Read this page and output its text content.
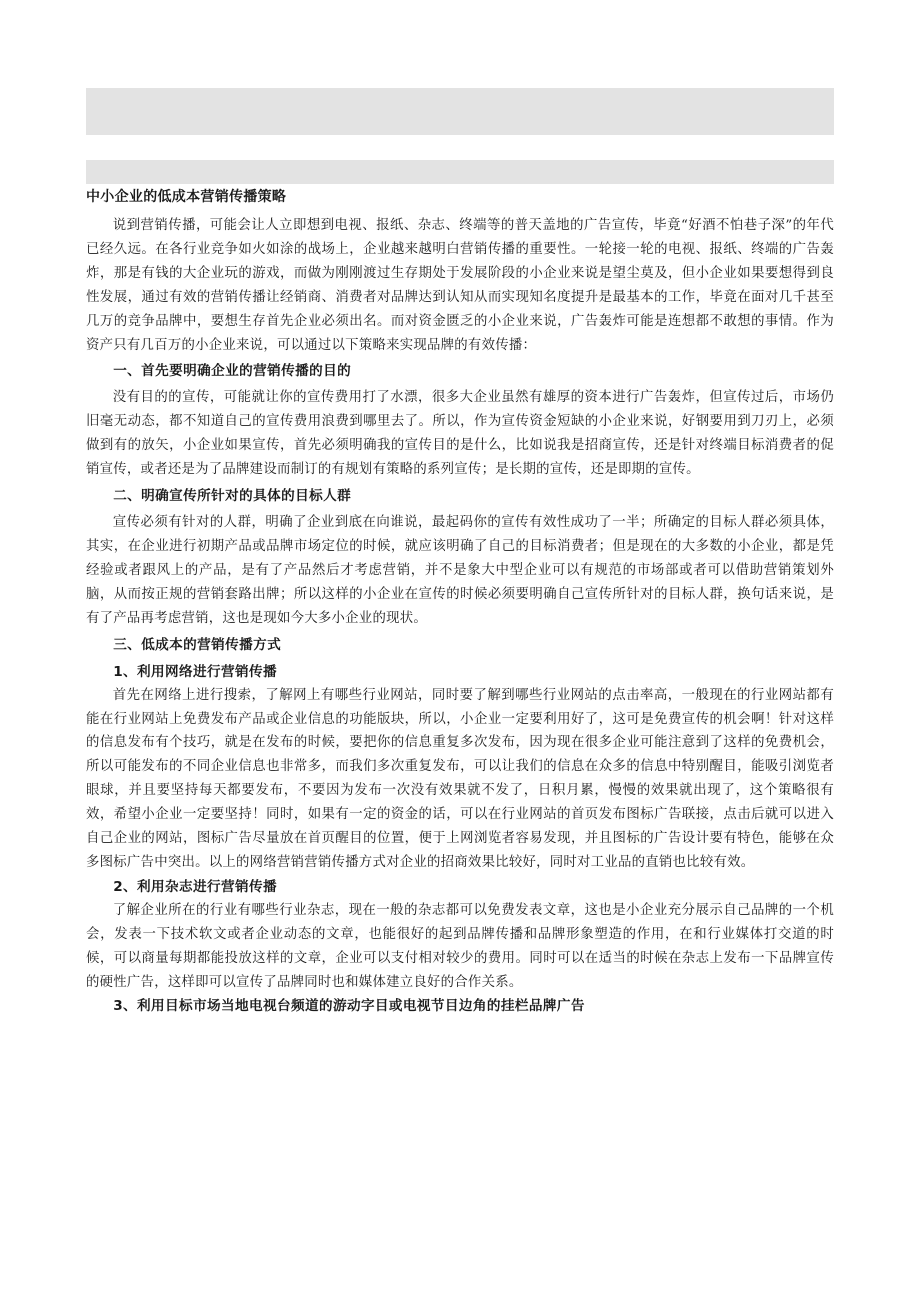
中小企业的低成本营销传播策略

说到营销传播，可能会让人立即想到电视、报纸、杂志、终端等的普天盖地的广告宣传，毕竟“好酒不怕巷子深”的年代已经久远。在各行业竞争如火如涂的战场上，企业越来越明白营销传播的重要性。一轮接一轮的电视、报纸、终端的广告轰炸，那是有钱的大企业玩的游戏，而做为刚刚渡过生存期处于发展阶段的小企业来说是望尘莫及，但小企业如果要想得到良性发展，通过有效的营销传播让经销商、消费者对品牌达到认知从而实现知名度提升是最基本的工作，毕竟在面对几千甚至几万的竞争品牌中，要想生存首先企业必须出名。而对资金匮乏的小企业来说，广告轰炸可能是连想都不敢想的事情。作为资产只有几百万的小企业来说，可以通过以下策略来实现品牌的有效传播：

一、首先要明确企业的营销传播的目的

没有目的的宣传，可能就让你的宣传费用打了水漂，很多大企业虽然有雄厚的资本进行广告轰炸，但宣传过后，市场仍旧毫无动态，都不知道自己的宣传费用浪费到哪里去了。所以，作为宣传资金短缺的小企业来说，好钢要用到刀刃上，必须做到有的放矢，小企业如果宣传，首先必须明确我的宣传目的是什么，比如说我是招商宣传，还是针对终端目标消费者的促销宣传，或者还是为了品牌建设而制订的有规划有策略的系列宣传；是长期的宣传，还是即期的宣传。

二、明确宣传所针对的具体的目标人群

宣传必须有针对的人群，明确了企业到底在向谁说，最起码你的宣传有效性成功了一半；所确定的目标人群必须具体，其实，在企业进行初期产品或品牌市场定位的时候，就应该明确了自己的目标消费者；但是现在的大多数的小企业，都是凭经验或者跟风上的产品，是有了产品然后才考虑营销，并不是象大中型企业可以有规范的市场部或者可以借助营销策划外脑，从而按正规的营销套路出牌；所以这样的小企业在宣传的时候必须要明确自己宣传所针对的目标人群，换句话来说，是有了产品再考虑营销，这也是现如今大多小企业的现状。

三、低成本的营销传播方式
1、利用网络进行营销传播

首先在网络上进行搜索，了解网上有哪些行业网站，同时要了解到哪些行业网站的点击率高，一般现在的行业网站都有能在行业网站上免费发布产品或企业信息的功能版块，所以，小企业一定要利用好了，这可是免费宣传的机会啊！针对这样的信息发布有个技巧，就是在发布的时候，要把你的信息重复多次发布，因为现在很多企业可能注意到了这样的免费机会，所以可能发布的不同企业信息也非常多，而我们多次重复发布，可以让我们的信息在众多的信息中特别醒目，能吸引浏览者眼球，并且要坚持每天都要发布，不要因为发布一次没有效果就不发了，日积月累，慢慢的效果就出现了，这个策略很有效，希望小企业一定要坚持！同时，如果有一定的资金的话，可以在行业网站的首页发布图标广告联接，点击后就可以进入自己企业的网站，图标广告尽量放在首页醒目的位置，便于上网浏览者容易发现，并且图标的广告设计要有特色，能够在众多图标广告中突出。以上的网络营销营销传播方式对企业的招商效果比较好，同时对工业品的直销也比较有效。

2、利用杂志进行营销传播

了解企业所在的行业有哪些行业杂志，现在一般的杂志都可以免费发表文章，这也是小企业充分展示自己品牌的一个机会，发表一下技术软文或者企业动态的文章，也能很好的起到品牌传播和品牌形象塑造的作用，在和行业媒体打交道的时候，可以商量每期都能投放这样的文章，企业可以支付相对较少的费用。同时可以在适当的时候在杂志上发布一下品牌宣传的硬性广告，这样即可以宣传了品牌同时也和媒体建立良好的合作关系。

3、利用目标市场当地电视台频道的游动字目或电视节目边角的挂栏品牌广告
